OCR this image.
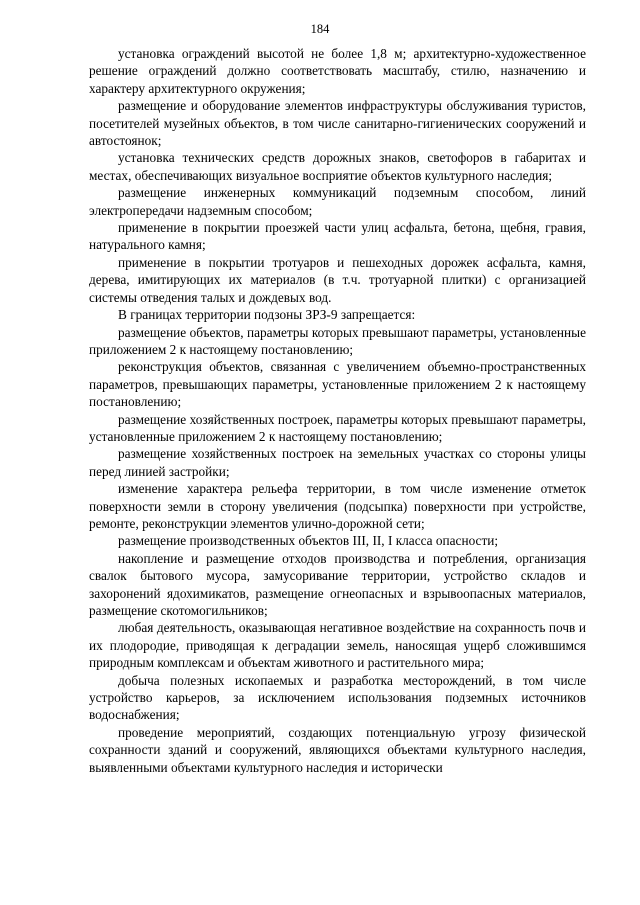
184

установка ограждений высотой не более 1,8 м; архитектурно-художественное решение ограждений должно соответствовать масштабу, стилю, назначению и характеру архитектурного окружения;

размещение и оборудование элементов инфраструктуры обслуживания туристов, посетителей музейных объектов, в том числе санитарно-гигиенических сооружений и автостоянок;

установка технических средств дорожных знаков, светофоров в габаритах и местах, обеспечивающих визуальное восприятие объектов культурного наследия;

размещение инженерных коммуникаций подземным способом, линий электропередачи надземным способом;

применение в покрытии проезжей части улиц асфальта, бетона, щебня, гравия, натурального камня;

применение в покрытии тротуаров и пешеходных дорожек асфальта, камня, дерева, имитирующих их материалов (в т.ч. тротуарной плитки) с организацией системы отведения талых и дождевых вод.

В границах территории подзоны ЗРЗ-9 запрещается:

размещение объектов, параметры которых превышают параметры, установленные приложением 2 к настоящему постановлению;

реконструкция объектов, связанная с увеличением объемно-пространственных параметров, превышающих параметры, установленные приложением 2 к настоящему постановлению;

размещение хозяйственных построек, параметры которых превышают параметры, установленные приложением 2 к настоящему постановлению;

размещение хозяйственных построек на земельных участках со стороны улицы перед линией застройки;

изменение характера рельефа территории, в том числе изменение отметок поверхности земли в сторону увеличения (подсыпка) поверхности при устройстве, ремонте, реконструкции элементов улично-дорожной сети;

размещение производственных объектов III, II, I класса опасности;

накопление и размещение отходов производства и потребления, организация свалок бытового мусора, замусоривание территории, устройство складов и захоронений ядохимикатов, размещение огнеопасных и взрывоопасных материалов, размещение скотомогильников;

любая деятельность, оказывающая негативное воздействие на сохранность почв и их плодородие, приводящая к деградации земель, наносящая ущерб сложившимся природным комплексам и объектам животного и растительного мира;

добыча полезных ископаемых и разработка месторождений, в том числе устройство карьеров, за исключением использования подземных источников водоснабжения;

проведение мероприятий, создающих потенциальную угрозу физической сохранности зданий и сооружений, являющихся объектами культурного наследия, выявленными объектами культурного наследия и исторически
